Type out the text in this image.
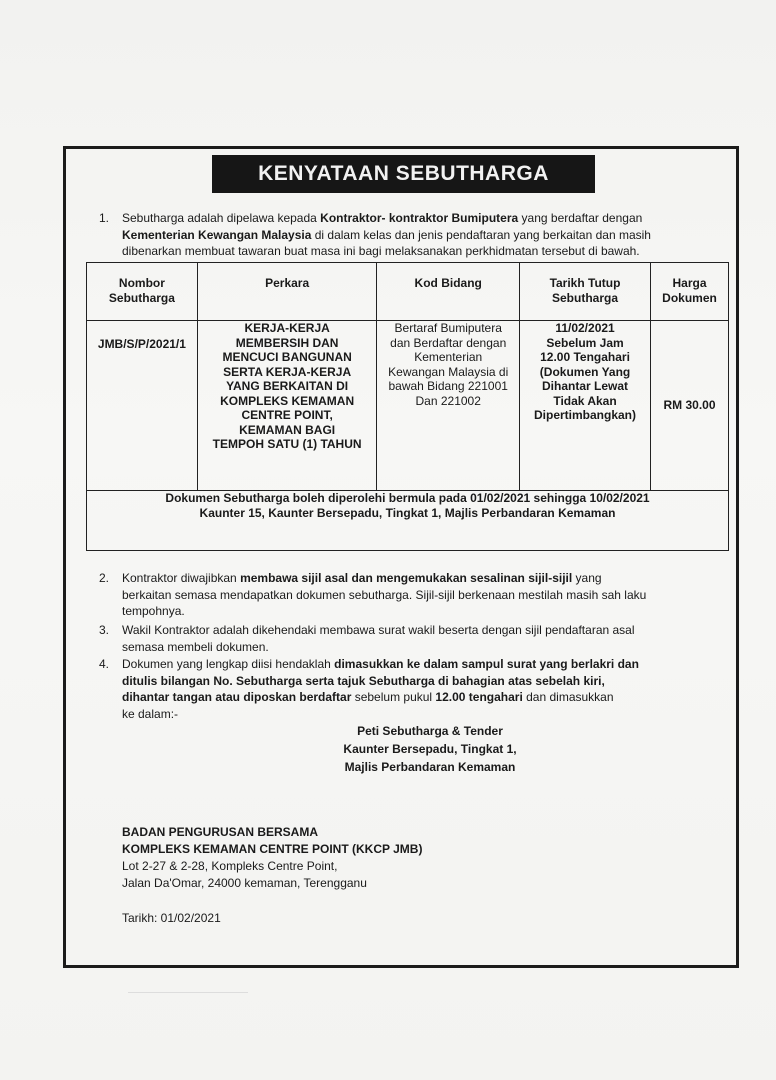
KENYATAAN SEBUTHARGA
1. Sebutharga adalah dipelawa kepada Kontraktor- kontraktor Bumiputera yang berdaftar dengan
Kementerian Kewangan Malaysia di dalam kelas dan jenis pendaftaran yang berkaitan dan masih
dibenarkan membuat tawaran buat masa ini bagi melaksanakan perkhidmatan tersebut di bawah.
Nombor Sebutharga	Perkara	Kod Bidang	Tarikh Tutup Sebutharga	Harga Dokumen
JMB/S/P/2021/1	KERJA-KERJA MEMBERSIH DAN MENCUCI BANGUNAN SERTA KERJA-KERJA YANG BERKAITAN DI KOMPLEKS KEMAMAN CENTRE POINT, KEMAMAN BAGI TEMPOH SATU (1) TAHUN	Bertaraf Bumiputera dan Berdaftar dengan Kementerian Kewangan Malaysia di bawah Bidang 221001 Dan 221002	11/02/2021 Sebelum Jam 12.00 Tengahari (Dokumen Yang Dihantar Lewat Tidak Akan Dipertimbangkan)	RM 30.00

Dokumen Sebutharga boleh diperolehi bermula pada 01/02/2021 sehingga 10/02/2021
Kaunter 15, Kaunter Bersepadu, Tingkat 1, Majlis Perbandaran Kemaman				
2. Kontraktor diwajibkan membawa sijil asal dan mengemukakan sesalinan sijil-sijil yang
berkaitan semasa mendapatkan dokumen sebutharga. Sijil-sijil berkenaan mestilah masih sah laku
tempohnya.
3. Wakil Kontraktor adalah dikehendaki membawa surat wakil beserta dengan sijil pendaftaran asal
semasa membeli dokumen.
4. Dokumen yang lengkap diisi hendaklah dimasukkan ke dalam sampul surat yang berlakri dan
ditulis bilangan No. Sebutharga serta tajuk Sebutharga di bahagian atas sebelah kiri,
dihantar tangan atau diposkan berdaftar sebelum pukul 12.00 tengahari dan dimasukkan
ke dalam:-
Peti Sebutharga & Tender
Kaunter Bersepadu, Tingkat 1,
Majlis Perbandaran Kemaman
BADAN PENGURUSAN BERSAMA
KOMPLEKS KEMAMAN CENTRE POINT (KKCP JMB)
Lot 2-27 & 2-28, Kompleks Centre Point,
Jalan Da'Omar, 24000 kemaman, Terengganu
Tarikh: 01/02/2021
